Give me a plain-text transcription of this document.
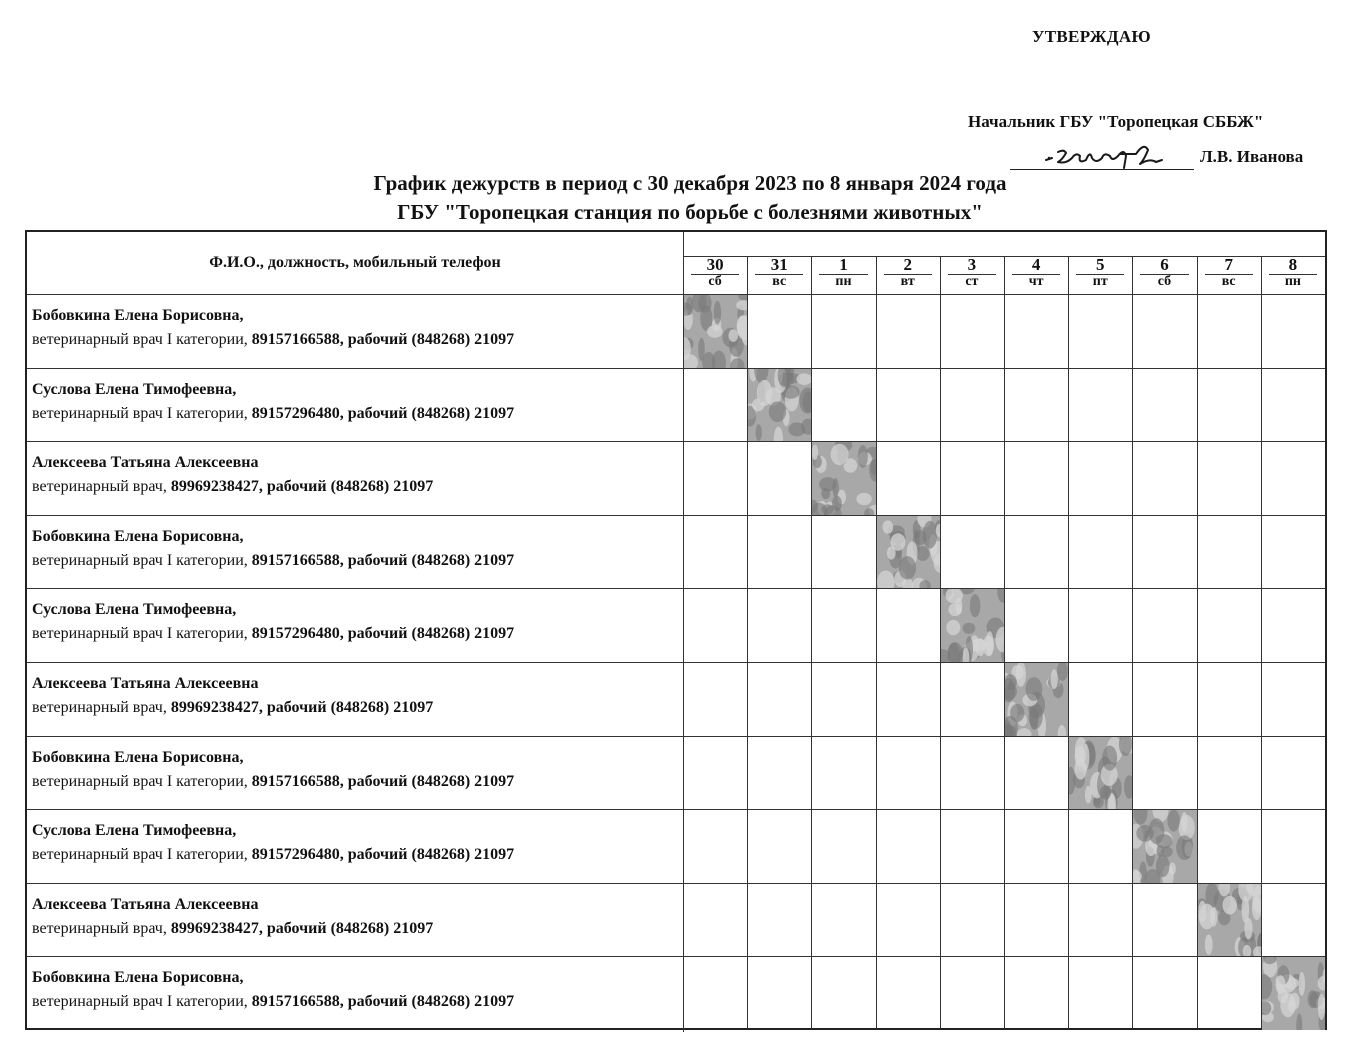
УТВЕРЖДАЮ
Начальник ГБУ "Торопецкая СББЖ"
Л.В. Иванова
График дежурств в период с 30 декабря 2023 по 8 января 2024 года
ГБУ "Торопецкая станция по борьбе с болезнями животных"
Ф.И.О., должность, мобильный телефон	30
сб
31
вс
1
пн
2
вт
3
ст
4
чт
5
пт
6
сб
7
вс
8
пн
Бобовкина Елена Борисовна,
ветеринарный врач I категории, 89157166588, рабочий (848268) 21097
Суслова Елена Тимофеевна,
ветеринарный врач I категории, 89157296480, рабочий (848268) 21097
Алексеева Татьяна Алексеевна
ветеринарный врач, 89969238427, рабочий (848268) 21097
Бобовкина Елена Борисовна,
ветеринарный врач I категории, 89157166588, рабочий (848268) 21097
Суслова Елена Тимофеевна,
ветеринарный врач I категории, 89157296480, рабочий (848268) 21097
Алексеева Татьяна Алексеевна
ветеринарный врач, 89969238427, рабочий (848268) 21097
Бобовкина Елена Борисовна,
ветеринарный врач I категории, 89157166588, рабочий (848268) 21097
Суслова Елена Тимофеевна,
ветеринарный врач I категории, 89157296480, рабочий (848268) 21097
Алексеева Татьяна Алексеевна
ветеринарный врач, 89969238427, рабочий (848268) 21097
Бобовкина Елена Борисовна,
ветеринарный врач I категории, 89157166588, рабочий (848268) 21097
